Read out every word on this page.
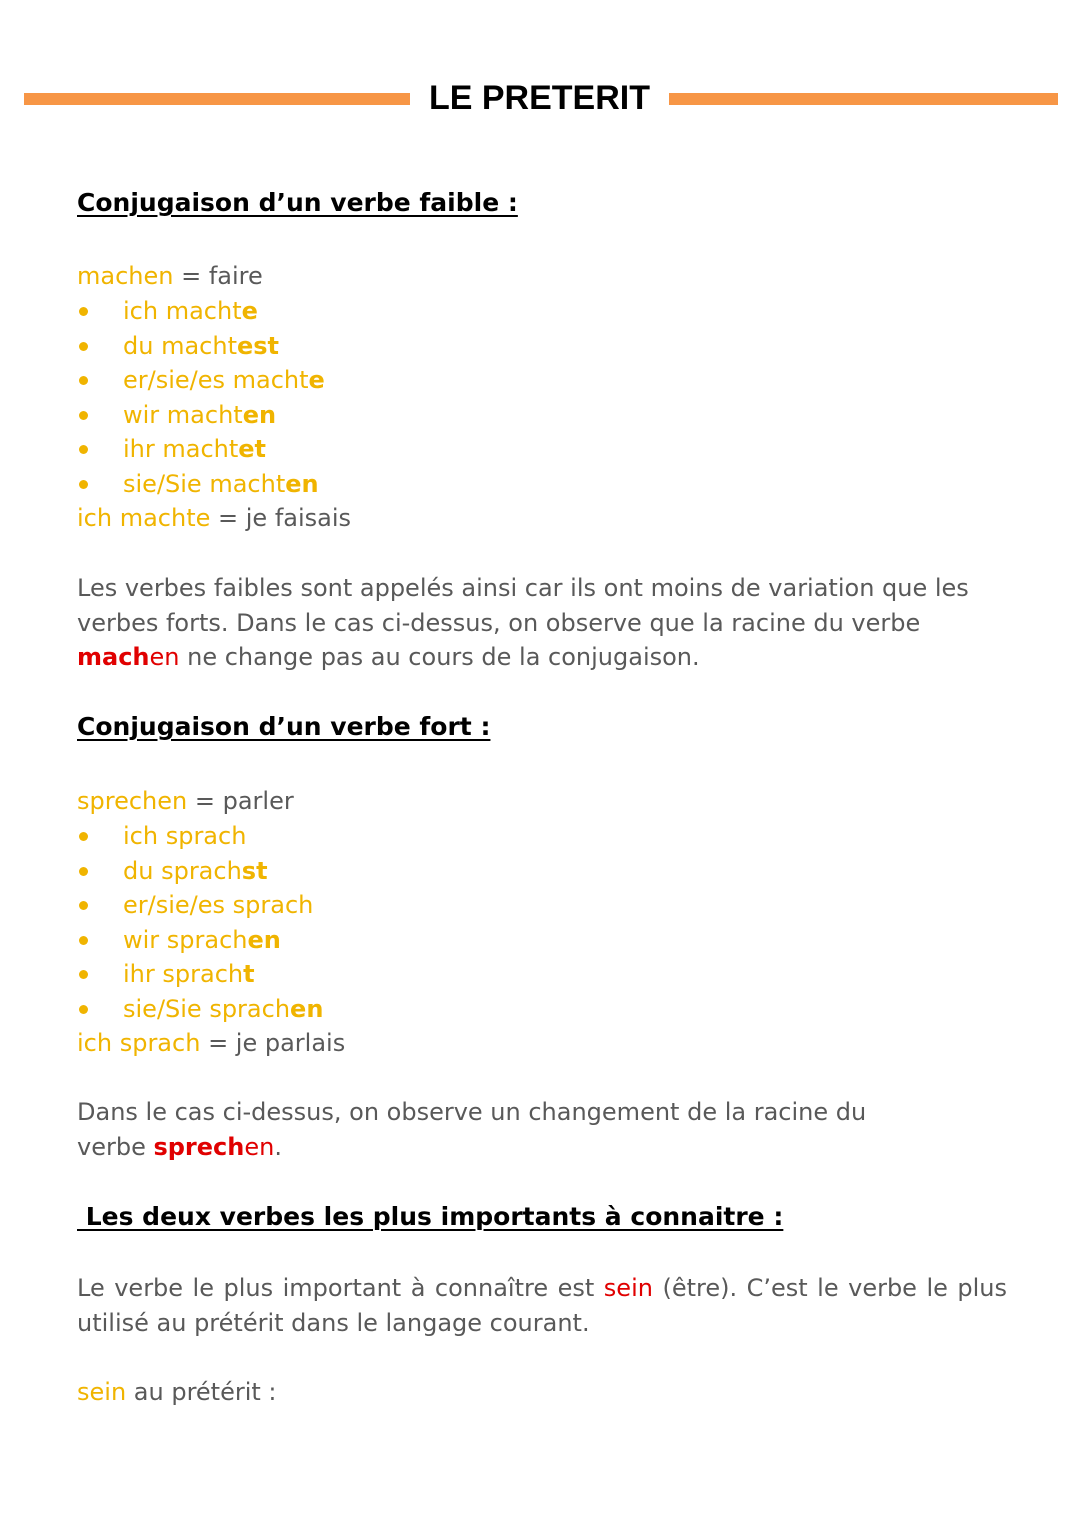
LE PRETERIT
Conjugaison d’un verbe faible :
machen = faire
ich machte
du machtest
er/sie/es machte
wir machten
ihr machtet
sie/Sie machten
ich machte = je faisais
Les verbes faibles sont appelés ainsi car ils ont moins de variation que les verbes forts. Dans le cas ci-dessus, on observe que la racine du verbe machen ne change pas au cours de la conjugaison.
Conjugaison d’un verbe fort :
sprechen = parler
ich sprach
du sprachst
er/sie/es sprach
wir sprachen
ihr spracht
sie/Sie sprachen
ich sprach = je parlais
Dans le cas ci-dessus, on observe un changement de la racine du
verbe sprechen.
Les deux verbes les plus importants à connaitre :
Le verbe le plus important à connaître est sein (être). C’est le verbe le plus utilisé au prétérit dans le langage courant.
sein au prétérit :
